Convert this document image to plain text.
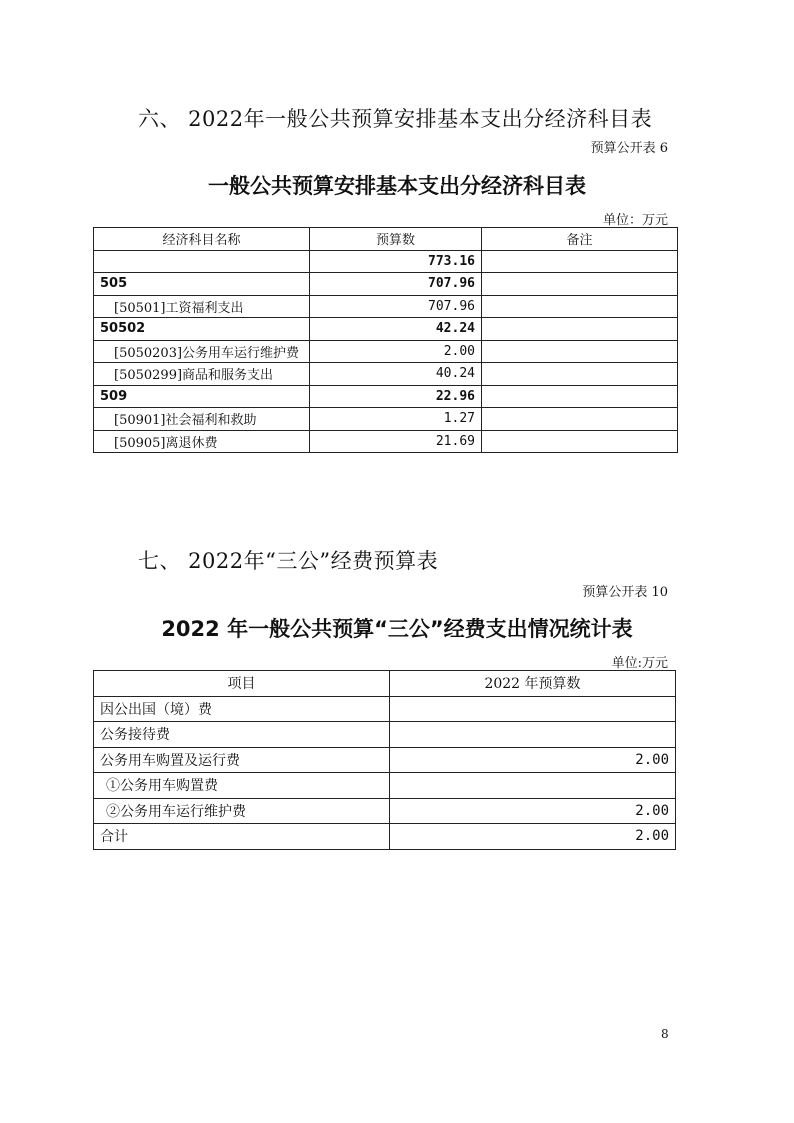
六、 2022年一般公共预算安排基本支出分经济科目表
预算公开表 6
一般公共预算安排基本支出分经济科目表
单位：万元
经济科目名称	预算数	备注
	773.16	
505	707.96	
[50501]工资福利支出	707.96	
50502	42.24	
[5050203]公务用车运行维护费	2.00	
[5050299]商品和服务支出	40.24	
509	22.96	
[50901]社会福利和救助	1.27	
[50905]离退休费	21.69	
七、 2022年“三公”经费预算表
预算公开表 10
2022 年一般公共预算“三公”经费支出情况统计表
单位:万元
项目	2022 年预算数
因公出国（境）费	
公务接待费	
公务用车购置及运行费	2.00
①公务用车购置费	
②公务用车运行维护费	2.00
合计	2.00
8
